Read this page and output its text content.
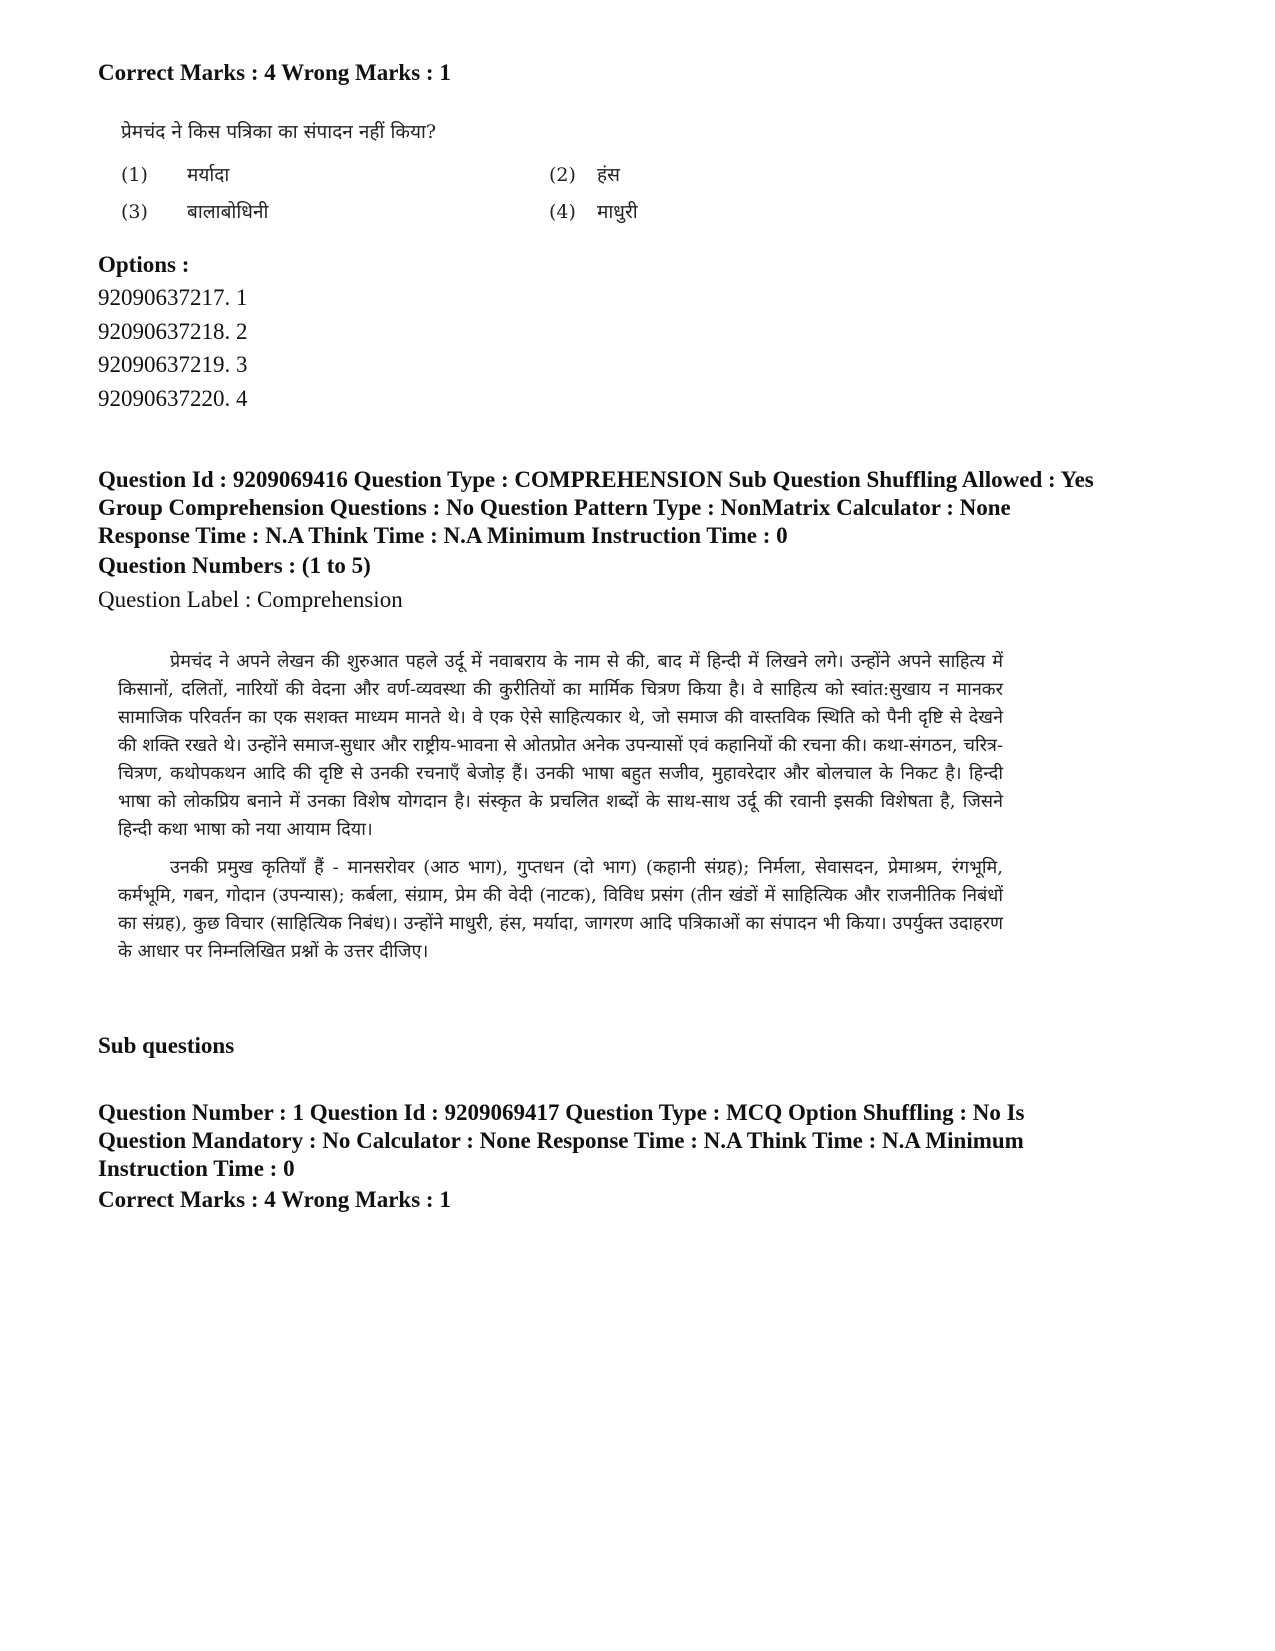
Correct Marks : 4 Wrong Marks : 1
प्रेमचंद ने किस पत्रिका का संपादन नहीं किया?
(1) मर्यादा	(2) हंस
(3) बालाबोधिनी	(4) माधुरी
Options :
92090637217. 1
92090637218. 2
92090637219. 3
92090637220. 4
Question Id : 9209069416 Question Type : COMPREHENSION Sub Question Shuffling Allowed : Yes
Group Comprehension Questions : No Question Pattern Type : NonMatrix Calculator : None
Response Time : N.A Think Time : N.A Minimum Instruction Time : 0
Question Numbers : (1 to 5)
Question Label : Comprehension

प्रेमचंद ने अपने लेखन की शुरुआत पहले उर्दू में नवाबराय के नाम से की, बाद में हिन्दी में लिखने लगे। उन्होंने अपने साहित्य में किसानों, दलितों, नारियों की वेदना और वर्ण-व्यवस्था की कुरीतियों का मार्मिक चित्रण किया है। वे साहित्य को स्वांत:सुखाय न मानकर सामाजिक परिवर्तन का एक सशक्त माध्यम मानते थे। वे एक ऐसे साहित्यकार थे, जो समाज की वास्तविक स्थिति को पैनी दृष्टि से देखने की शक्ति रखते थे। उन्होंने समाज-सुधार और राष्ट्रीय-भावना से ओतप्रोत अनेक उपन्यासों एवं कहानियों की रचना की। कथा-संगठन, चरित्र-चित्रण, कथोपकथन आदि की दृष्टि से उनकी रचनाएँ बेजोड़ हैं। उनकी भाषा बहुत सजीव, मुहावरेदार और बोलचाल के निकट है। हिन्दी भाषा को लोकप्रिय बनाने में उनका विशेष योगदान है। संस्कृत के प्रचलित शब्दों के साथ-साथ उर्दू की रवानी इसकी विशेषता है, जिसने हिन्दी कथा भाषा को नया आयाम दिया।

उनकी प्रमुख कृतियाँ हैं - मानसरोवर (आठ भाग), गुप्तधन (दो भाग) (कहानी संग्रह); निर्मला, सेवासदन, प्रेमाश्रम, रंगभूमि, कर्मभूमि, गबन, गोदान (उपन्यास); कर्बला, संग्राम, प्रेम की वेदी (नाटक), विविध प्रसंग (तीन खंडों में साहित्यिक और राजनीतिक निबंधों का संग्रह), कुछ विचार (साहित्यिक निबंध)। उन्होंने माधुरी, हंस, मर्यादा, जागरण आदि पत्रिकाओं का संपादन भी किया। उपर्युक्त उदाहरण के आधार पर निम्नलिखित प्रश्नों के उत्तर दीजिए।

Sub questions
Question Number : 1 Question Id : 9209069417 Question Type : MCQ Option Shuffling : No Is
Question Mandatory : No Calculator : None Response Time : N.A Think Time : N.A Minimum
Instruction Time : 0
Correct Marks : 4 Wrong Marks : 1
